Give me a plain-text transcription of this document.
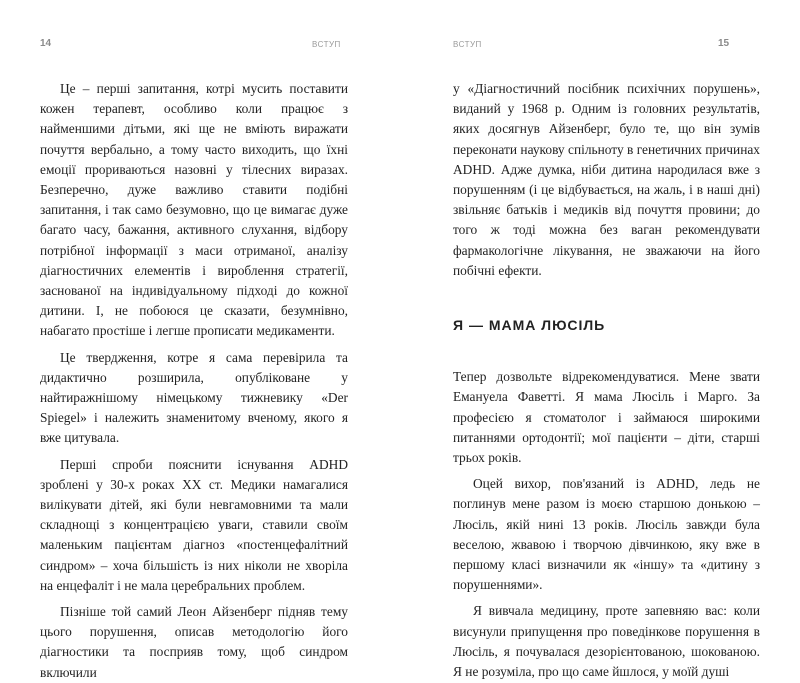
14	ВСТУП

Це – перші запитання, котрі мусить поставити кожен терапевт, особливо коли працює з найменшими дітьми, які ще не вміють виражати почуття вербально, а тому часто виходить, що їхні емоції прориваються назовні у тілесних виразах. Безперечно, дуже важливо ставити подібні запитання, і так само безумовно, що це вимагає дуже багато часу, бажання, активного слухання, відбору потрібної інформації з маси отриманої, аналізу діагностичних елементів і вироблення стратегії, заснованої на індивідуальному підході до кожної дитини. І, не побоюся це сказати, безумнівно, набагато простіше і легше прописати медикаменти.

Це твердження, котре я сама перевірила та дидактично розширила, опубліковане у найтиражнішому німецькому тижневику «Der Spiegel» і належить знаменитому вченому, якого я вже цитувала.

Перші спроби пояснити існування ADHD зроблені у 30-х роках XX ст. Медики намагалися вилікувати дітей, які були невгамовними та мали складнощі з концентрацією уваги, ставили своїм маленьким пацієнтам діагноз «постенцефалітний синдром» – хоча більшість із них ніколи не хворіла на енцефаліт і не мала церебральних проблем.

Пізніше той самий Леон Айзенберг підняв тему цього порушення, описав методологію його діагностики та посприяв тому, щоб синдром включили

ВСТУП	15

у «Діагностичний посібник психічних порушень», виданий у 1968 р. Одним із головних результатів, яких досягнув Айзенберг, було те, що він зумів переконати наукову спільноту в генетичних причинах ADHD. Адже думка, ніби дитина народилася вже з порушенням (і це відбувається, на жаль, і в наші дні) звільняє батьків і медиків від почуття провини; до того ж тоді можна без ваган рекомендувати фармакологічне лікування, не зважаючи на його побічні ефекти.

Я — МАМА ЛЮСІЛЬ

Тепер дозвольте відрекомендуватися. Мене звати Емануела Фаветті. Я мама Люсіль і Марго. За професією я стоматолог і займаюся широкими питаннями ортодонтії; мої пацієнти – діти, старші трьох років.

Оцей вихор, пов'язаний із ADHD, ледь не поглинув мене разом із моєю старшою донькою – Люсіль, якій нині 13 років. Люсіль завжди була веселою, жвавою і творчою дівчинкою, яку вже в першому класі визначили як «іншу» та «дитину з порушеннями».

Я вивчала медицину, проте запевняю вас: коли висунули припущення про поведінкове порушення в Люсіль, я почувалася дезорієнтованою, шокованою. Я не розуміла, про що саме йшлося, у моїй душі
